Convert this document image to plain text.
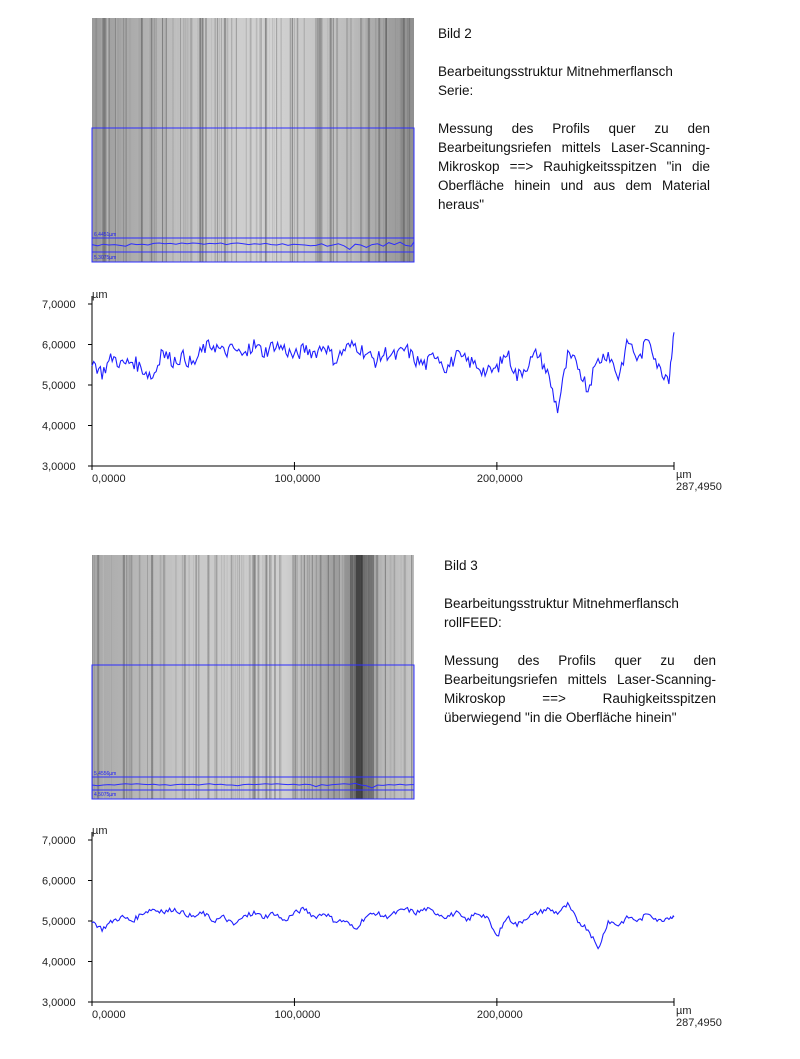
6,4451µm
5,3075µm

Bild 2

Bearbeitungsstruktur Mitnehmerflansch Serie:

Messung des Profils quer zu den Bearbeitungsriefen mittels Laser-Scanning-Mikroskop ==> Rauhigkeitsspitzen "in die Oberfläche hinein und aus dem Material heraus"

µm
µm
7,0000
6,0000
5,0000
4,0000
3,0000
0,0000	100,0000	200,0000
287,4950
5,4556µm
4,5075µm

Bild 3

Bearbeitungsstruktur Mitnehmerflansch rollFEED:

Messung des Profils quer zu den Bearbeitungsriefen mittels Laser-Scanning-Mikroskop ==> Rauhigkeitsspitzen überwiegend "in die Oberfläche hinein"

µm
µm
7,0000
6,0000
5,0000
4,0000
3,0000
0,0000	100,0000	200,0000
287,4950
